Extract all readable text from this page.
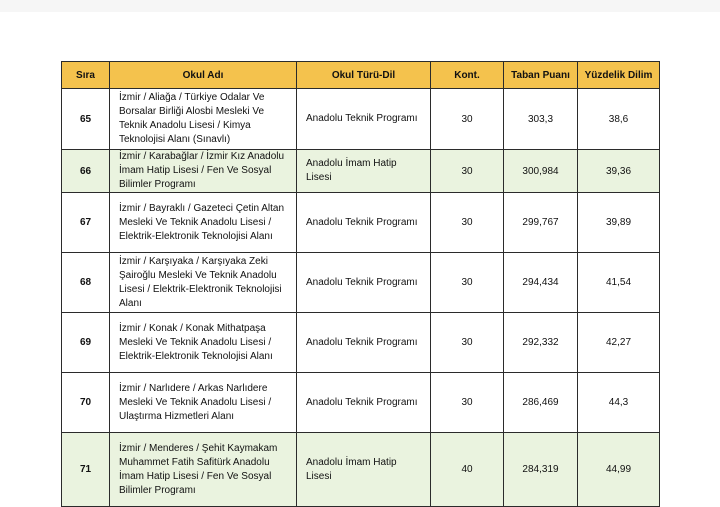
Sıra	Okul Adı	Okul Türü-Dil	Kont.	Taban Puanı	Yüzdelik Dilim
65	İzmir / Aliağa / Türkiye Odalar Ve Borsalar Birliği Alosbi Mesleki Ve Teknik Anadolu Lisesi / Kimya Teknolojisi Alanı (Sınavlı)	Anadolu Teknik Programı	30	303,3	38,6
66	İzmir / Karabağlar / İzmir Kız Anadolu İmam Hatip Lisesi / Fen Ve Sosyal Bilimler Programı	Anadolu İmam Hatip Lisesi	30	300,984	39,36
67	İzmir / Bayraklı / Gazeteci Çetin Altan Mesleki Ve Teknik Anadolu Lisesi / Elektrik-Elektronik Teknolojisi Alanı	Anadolu Teknik Programı	30	299,767	39,89
68	İzmir / Karşıyaka / Karşıyaka Zeki Şairoğlu Mesleki Ve Teknik Anadolu Lisesi / Elektrik-Elektronik Teknolojisi Alanı	Anadolu Teknik Programı	30	294,434	41,54
69	İzmir / Konak / Konak Mithatpaşa Mesleki Ve Teknik Anadolu Lisesi / Elektrik-Elektronik Teknolojisi Alanı	Anadolu Teknik Programı	30	292,332	42,27
70	İzmir / Narlıdere / Arkas Narlıdere Mesleki Ve Teknik Anadolu Lisesi / Ulaştırma Hizmetleri Alanı	Anadolu Teknik Programı	30	286,469	44,3
71	İzmir / Menderes / Şehit Kaymakam Muhammet Fatih Safitürk Anadolu İmam Hatip Lisesi / Fen Ve Sosyal Bilimler Programı	Anadolu İmam Hatip Lisesi	40	284,319	44,99
